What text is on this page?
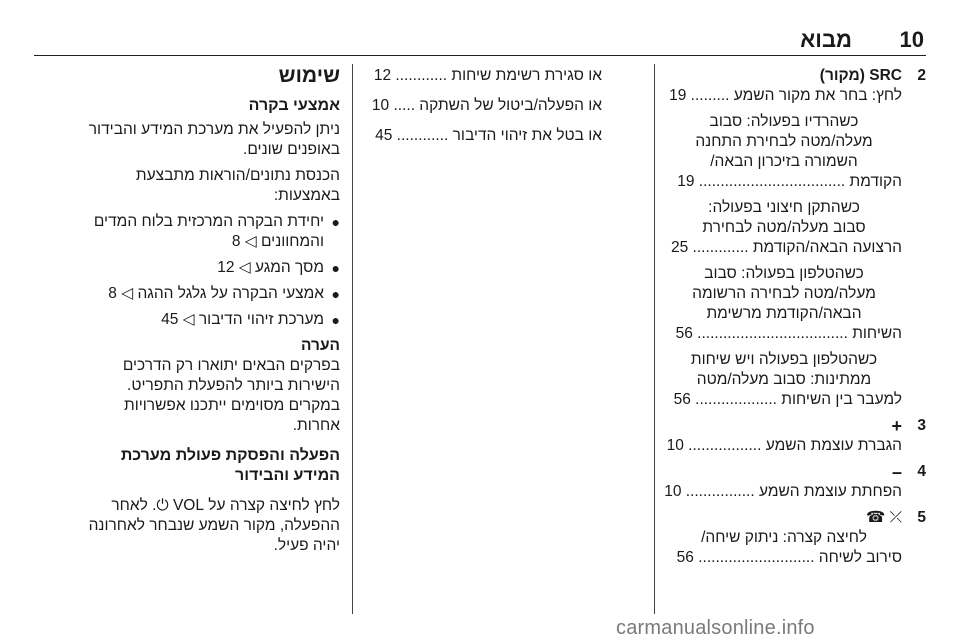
מבוא 10
2
SRC (מקור)
לחץ: בחר את מקור השמע ......... 19
כשהרדיו בפעולה: סבוב
מעלה/מטה לבחירת התחנה
השמורה בזיכרון הבאה/
הקודמת .................................. 19
כשהתקן חיצוני בפעולה:
סבוב מעלה/מטה לבחירת
הרצועה הבאה/הקודמת ............. 25
כשהטלפון בפעולה: סבוב
מעלה/מטה לבחירה הרשומה
הבאה/הקודמת מרשימת
השיחות ................................... 56
כשהטלפון בפעולה ויש שיחות
ממתינות: סבוב מעלה/מטה
למעבר בין השיחות ................... 56
3
+
הגברת עוצמת השמע ................. 10
4
–
הפחתת עוצמת השמע ................ 10
5
⤫ ☎
לחיצה קצרה: ניתוק שיחה/
סירוב לשיחה ........................... 56
או סגירת רשימת שיחות ............ 12
או הפעלה/ביטול של השתקה ..... 10
או בטל את זיהוי הדיבור ............ 45
שימוש
אמצעי בקרה
ניתן להפעיל את מערכת המידע והבידור
באופנים שונים.
הכנסת נתונים/הוראות מתבצעת
באמצעות:
●
יחידת הבקרה המרכזית בלוח המדים
והמחוונים ◁ 8
●
מסך המגע ◁ 12
●
אמצעי הבקרה על גלגל ההגה ◁ 8
●
מערכת זיהוי הדיבור ◁ 45
הערה
בפרקים הבאים יתוארו רק הדרכים
הישירות ביותר להפעלת התפריט.
במקרים מסוימים ייתכנו אפשרויות
אחרות.
הפעלה והפסקת פעולת מערכת
המידע והבידור
לחץ לחיצה קצרה על VOL ⏻. לאחר
ההפעלה, מקור השמע שנבחר לאחרונה
יהיה פעיל.
carmanualsonline.info
